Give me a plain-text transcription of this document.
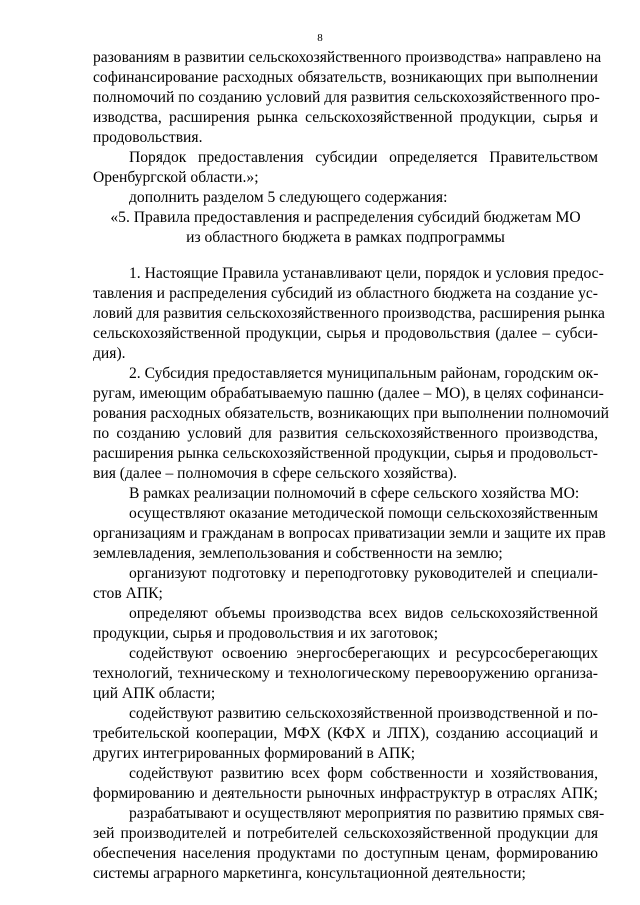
8
разованиям в развитии сельскохозяйственного производства» направлено на
софинансирование расходных обязательств, возникающих при выполнении
полномочий по созданию условий для развития сельскохозяйственного про-
изводства, расширения рынка сельскохозяйственной продукции, сырья и
продовольствия.
Порядок предоставления субсидии определяется Правительством
Оренбургской области.»;
дополнить разделом 5 следующего содержания:
«5. Правила предоставления и распределения субсидий бюджетам МО
из областного бюджета в рамках подпрограммы
1. Настоящие Правила устанавливают цели, порядок и условия предос-
тавления и распределения субсидий из областного бюджета на создание ус-
ловий для развития сельскохозяйственного производства, расширения рынка
сельскохозяйственной продукции, сырья и продовольствия (далее – субси-
дия).
2. Субсидия предоставляется муниципальным районам, городским ок-
ругам, имеющим обрабатываемую пашню (далее – МО), в целях софинанси-
рования расходных обязательств, возникающих при выполнении полномочий
по созданию условий для развития сельскохозяйственного производства,
расширения рынка сельскохозяйственной продукции, сырья и продовольст-
вия (далее – полномочия в сфере сельского хозяйства).
В рамках реализации полномочий в сфере сельского хозяйства МО:
осуществляют оказание методической помощи сельскохозяйственным
организациям и гражданам в вопросах приватизации земли и защите их прав
землевладения, землепользования и собственности на землю;
организуют подготовку и переподготовку руководителей и специали-
стов АПК;
определяют объемы производства всех видов сельскохозяйственной
продукции, сырья и продовольствия и их заготовок;
содействуют освоению энергосберегающих и ресурсосберегающих
технологий, техническому и технологическому перевооружению организа-
ций АПК области;
содействуют развитию сельскохозяйственной производственной и по-
требительской кооперации, МФХ (КФХ и ЛПХ), созданию ассоциаций и
других интегрированных формирований в АПК;
содействуют развитию всех форм собственности и хозяйствования,
формированию и деятельности рыночных инфраструктур в отраслях АПК;
разрабатывают и осуществляют мероприятия по развитию прямых свя-
зей производителей и потребителей сельскохозяйственной продукции для
обеспечения населения продуктами по доступным ценам, формированию
системы аграрного маркетинга, консультационной деятельности;
